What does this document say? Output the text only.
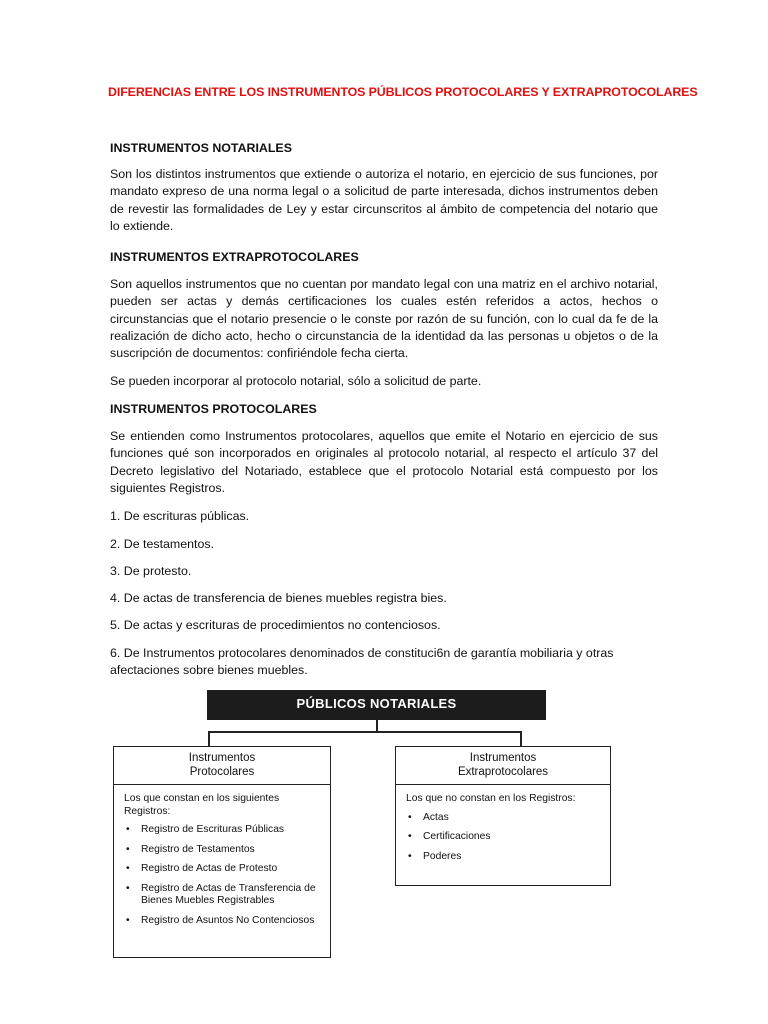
DIFERENCIAS ENTRE LOS INSTRUMENTOS PÚBLICOS PROTOCOLARES Y EXTRAPROTOCOLARES
INSTRUMENTOS NOTARIALES
Son los distintos instrumentos que extiende o autoriza el notario, en ejercicio de sus funciones, por mandato expreso de una norma legal o a solicitud de parte interesada, dichos instrumentos deben de revestir las formalidades de Ley y estar circunscritos al ámbito de competencia del notario que lo extiende.
INSTRUMENTOS EXTRAPROTOCOLARES
Son aquellos instrumentos que no cuentan por mandato legal con una matriz en el archivo notarial, pueden ser actas y demás certificaciones los cuales estén referidos a actos, hechos o circunstancias que el notario presencie o le conste por razón de su función, con lo cual da fe de la realización de dicho acto, hecho o circunstancia de la identidad da las personas u objetos o de la suscripción de documentos: confiriéndole fecha cierta.
Se pueden incorporar al protocolo notarial, sólo a solicitud de parte.
INSTRUMENTOS PROTOCOLARES
Se entienden como Instrumentos protocolares, aquellos que emite el Notario en ejercicio de sus funciones qué son incorporados en originales al protocolo notarial, al respecto el artículo 37 del Decreto legislativo del Notariado, establece que el protocolo Notarial está compuesto por los siguientes Registros.
1. De escrituras públicas.
2. De testamentos.
3. De protesto.
4. De actas de transferencia de bienes muebles registra bies.
5. De actas y escrituras de procedimientos no contenciosos.
6. De Instrumentos protocolares denominados de constituci6n de garantía mobiliaria y otras afectaciones sobre bienes muebles.
PÚBLICOS NOTARIALES
Instrumentos
Protocolares
Los que constan en los siguientes Registros:
• Registro de Escrituras Públicas
• Registro de Testamentos
• Registro de Actas de Protesto
• Registro de Actas de Transferencia de Bienes Muebles Registrables
• Registro de Asuntos No Contenciosos
Instrumentos
Extraprotocolares
Los que no constan en los Registros:
• Actas
• Certificaciones
• Poderes
